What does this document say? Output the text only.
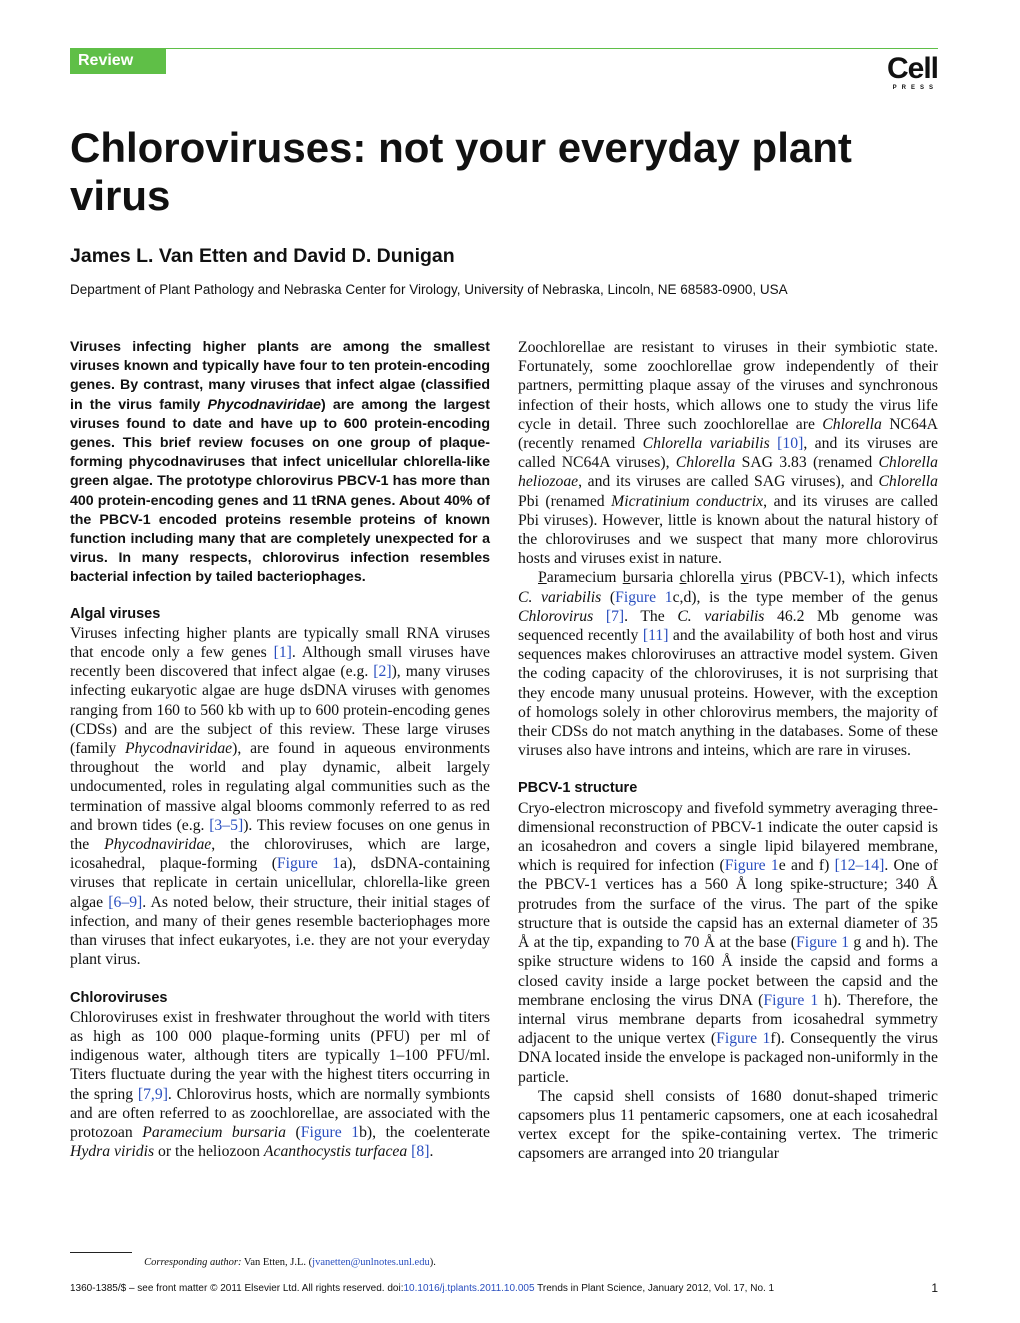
Review	Cell
PRESS
Chloroviruses: not your everyday plant virus
James L. Van Etten and David D. Dunigan
Department of Plant Pathology and Nebraska Center for Virology, University of Nebraska, Lincoln, NE 68583-0900, USA

Viruses infecting higher plants are among the smallest viruses known and typically have four to ten protein-encoding genes. By contrast, many viruses that infect algae (classified in the virus family Phycodnaviridae) are among the largest viruses found to date and have up to 600 protein-encoding genes. This brief review focuses on one group of plaque-forming phycodnaviruses that infect unicellular chlorella-like green algae. The prototype chlorovirus PBCV-1 has more than 400 protein-encoding genes and 11 tRNA genes. About 40% of the PBCV-1 encoded proteins resemble proteins of known function including many that are completely unexpected for a virus. In many respects, chlorovirus infection resembles bacterial infection by tailed bacteriophages.

Algal viruses

Viruses infecting higher plants are typically small RNA viruses that encode only a few genes [1]. Although small viruses have recently been discovered that infect algae (e.g. [2]), many viruses infecting eukaryotic algae are huge dsDNA viruses with genomes ranging from 160 to 560 kb with up to 600 protein-encoding genes (CDSs) and are the subject of this review. These large viruses (family Phycodnaviridae), are found in aqueous environments throughout the world and play dynamic, albeit largely undocumented, roles in regulating algal communities such as the termination of massive algal blooms commonly referred to as red and brown tides (e.g. [3–5]). This review focuses on one genus in the Phycodnaviridae, the chloroviruses, which are large, icosahedral, plaque-forming (Figure 1a), dsDNA-containing viruses that replicate in certain unicellular, chlorella-like green algae [6–9]. As noted below, their structure, their initial stages of infection, and many of their genes resemble bacteriophages more than viruses that infect eukaryotes, i.e. they are not your everyday plant virus.

Chloroviruses

Chloroviruses exist in freshwater throughout the world with titers as high as 100 000 plaque-forming units (PFU) per ml of indigenous water, although titers are typically 1–100 PFU/ml. Titers fluctuate during the year with the highest titers occurring in the spring [7,9]. Chlorovirus hosts, which are normally symbionts and are often referred to as zoochlorellae, are associated with the protozoan Paramecium bursaria (Figure 1b), the coelenterate Hydra viridis or the heliozoon Acanthocystis turfacea [8].

Zoochlorellae are resistant to viruses in their symbiotic state. Fortunately, some zoochlorellae grow independently of their partners, permitting plaque assay of the viruses and synchronous infection of their hosts, which allows one to study the virus life cycle in detail. Three such zoochlorellae are Chlorella NC64A (recently renamed Chlorella variabilis [10], and its viruses are called NC64A viruses), Chlorella SAG 3.83 (renamed Chlorella heliozoae, and its viruses are called SAG viruses), and Chlorella Pbi (renamed Micratinium conductrix, and its viruses are called Pbi viruses). However, little is known about the natural history of the chloroviruses and we suspect that many more chlorovirus hosts and viruses exist in nature.

Paramecium bursaria chlorella virus (PBCV-1), which infects C. variabilis (Figure 1c,d), is the type member of the genus Chlorovirus [7]. The C. variabilis 46.2 Mb genome was sequenced recently [11] and the availability of both host and virus sequences makes chloroviruses an attractive model system. Given the coding capacity of the chloroviruses, it is not surprising that they encode many unusual proteins. However, with the exception of homologs solely in other chlorovirus members, the majority of their CDSs do not match anything in the databases. Some of these viruses also have introns and inteins, which are rare in viruses.

PBCV-1 structure

Cryo-electron microscopy and fivefold symmetry averaging three-dimensional reconstruction of PBCV-1 indicate the outer capsid is an icosahedron and covers a single lipid bilayered membrane, which is required for infection (Figure 1e and f) [12–14]. One of the PBCV-1 vertices has a 560 Å long spike-structure; 340 Å protrudes from the surface of the virus. The part of the spike structure that is outside the capsid has an external diameter of 35 Å at the tip, expanding to 70 Å at the base (Figure 1 g and h). The spike structure widens to 160 Å inside the capsid and forms a closed cavity inside a large pocket between the capsid and the membrane enclosing the virus DNA (Figure 1 h). Therefore, the internal virus membrane departs from icosahedral symmetry adjacent to the unique vertex (Figure 1f). Consequently the virus DNA located inside the envelope is packaged non-uniformly in the particle.

The capsid shell consists of 1680 donut-shaped trimeric capsomers plus 11 pentameric capsomers, one at each icosahedral vertex except for the spike-containing vertex. The trimeric capsomers are arranged into 20 triangular

Corresponding author: Van Etten, J.L. (jvanetten@unlnotes.unl.edu).
1360-1385/$ – see front matter © 2011 Elsevier Ltd. All rights reserved. doi:10.1016/j.tplants.2011.10.005 Trends in Plant Science, January 2012, Vol. 17, No. 1	1
